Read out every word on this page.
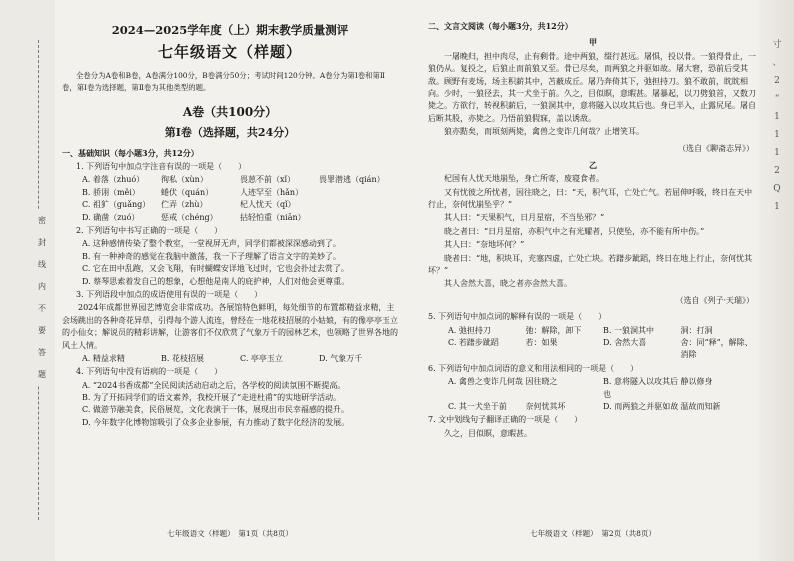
密 封 线 内 不 要 答 题
寸
、
2
“
1
1
1
2
Q
1
2024—2025学年度（上）期末教学质量测评
七年级语文（样题）

全卷分为A卷和B卷，A卷满分100分，B卷满分50分；考试时间120分钟。A卷分为第Ⅰ卷和第Ⅱ卷，第Ⅰ卷为选择题，第Ⅱ卷为其他类型的题。

A卷（共100分）
第Ⅰ卷（选择题，共24分）
一、基础知识（每小题3分，共12分）
1. 下列语句中加点字注音有误的一项是（　　）
A. 着落（zhuó）	徇私（xùn）	畏葸不前（xǐ）	畏罪潜逃（qián）
B. 骄诩（měi）	蜷伏（quán）	人迹罕至（hǎn）
C. 祖犷（guǎng）	伫弄（zhù）	杞人忧天（qǐ）
D. 确凿（zuó）	惩戒（chéng）	拈轻怕重（niān）
2. 下列语句中书写正确的一项是（　　）
A. 这种感情传染了整个教室，一堂视屏无声，同学们都被深深感动到了。
B. 有一种神奇的感觉在我脑中激荡，我一下子理解了语言文字的美妙了。
C. 它在田中乱跑，又会飞翔，有时蝴蝶安详地飞过时，它也会扑过去赏了。
D. 蔡琴思索着发自己的想象，心想他是南人的庇护神，人们对他会更尊重。
3. 下列语段中加点的成语使用有误的一项是（　　）
2024年成都世界园艺博览会非常成功。各展馆特色鲜明，每处细节的布置都精益求精，主会场跳出的各种奇花异草，引得每个游人流连，曾经在一地花枝招展的小姑娘，有的像亭亭玉立的小仙女；解说员的精彩讲解，让游客们不仅欣赏了气象万千的园林艺术，也领略了世界各地的风土人情。
A. 精益求精	B. 花枝招展	C. 亭亭玉立	D. 气象万千
4. 下列语句中没有语病的一项是（　　）
A. “2024书香成都”全民阅读活动启动之后，各学校的阅读氛围不断提高。
B. 为了开拓同学们的语文素养，我校开展了“走进杜甫”的实地研学活动。
C. 做游节融美食，民俗展览，文化表演于一体，展现出市民幸福感的提升。
D. 今年数字化博物馆吸引了众多企业参展，有力推动了数字化经济的发展。
七年级语文（样题）　第1页（共8页）
二、文言文阅读（每小题3分，共12分）
甲
一屠晚归，担中肉尽，止有剩骨。途中两狼，缀行甚远。屠惧，投以骨。一狼得骨止，一狼仍从。复投之，后狼止而前狼又至。骨已尽矣，而两狼之并驱如故。屠大窘，恐前后受其敌。顾野有麦场，场主积薪其中，苫蔽成丘。屠乃奔倚其下，弛担持刀。狼不敢前，眈眈相向。少时，一狼径去，其一犬坐于前。久之，目似瞑，意暇甚。屠暴起，以刀劈狼首，又数刀毙之。方欲行，转视积薪后，一狼洞其中，意将隧入以攻其后也。身已半入，止露尻尾。屠自后断其股，亦毙之。乃悟前狼假寐，盖以诱敌。
狼亦黠矣，而顷刻两毙，禽兽之变诈几何哉？止增笑耳。
（选自《聊斋志异》）
乙
杞国有人忧天地崩坠，身亡所寄，废寝食者。
又有忧彼之所忧者，因往晓之，曰：“天，积气耳，亡处亡气。若屈伸呼吸，终日在天中行止，奈何忧崩坠乎？”
其人曰：“天果积气，日月星宿，不当坠邪？”
晓之者曰：“日月星宿，亦积气中之有光耀者，只使坠，亦不能有所中伤。”
其人曰：“奈地坏何？”
晓者曰：“地，积块耳，充塞四虚，亡处亡块。若躇步跐蹈，终日在地上行止，奈何忧其坏？”
其人舍然大喜，晓之者亦舍然大喜。
（选自《列子·天瑞》）
5. 下列语句中加点词的解释有误的一项是（　　）
A. 弛担持刀	弛：解除，卸下	B. 一狼洞其中	洞：打洞
C. 若躇步跐蹈	若：如果	D. 舍然大喜	舍：同“释”，解除、消除
6. 下列语句中加点词语的意义和用法相同的一项是（　　）
A. 禽兽之变诈几何哉 因往晓之	B. 意将隧入以攻其后也
静以修身
C. 其一犬坐于前	奈何忧其坏	D. 而两狼之并驱如故 温故而知新
7. 文中划线句子翻译正确的一项是（　　）
久之，目似瞑，意暇甚。
七年级语文（样题）　第2页（共8页）
